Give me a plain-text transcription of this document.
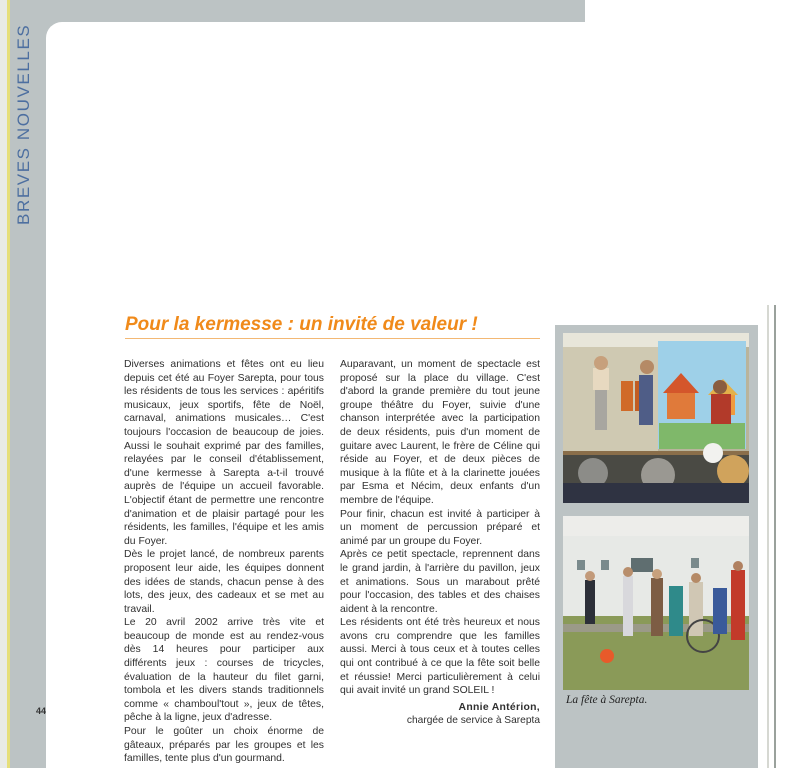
BREVES NOUVELLES
44
Pour la kermesse : un invité de valeur !

Diverses animations et fêtes ont eu lieu depuis cet été au Foyer Sarepta, pour tous les résidents de tous les services : apéritifs musicaux, jeux sportifs, fête de Noël, carnaval, animations musicales… C'est toujours l'occasion de beaucoup de joies. Aussi le souhait exprimé par des familles, relayées par le conseil d'établissement, d'une kermesse à Sarepta a-t-il trouvé auprès de l'équipe un accueil favorable. L'objectif étant de permettre une rencontre d'animation et de plaisir partagé pour les résidents, les familles, l'équipe et les amis du Foyer.

Dès le projet lancé, de nombreux parents proposent leur aide, les équipes donnent des idées de stands, chacun pense à des lots, des jeux, des cadeaux et se met au travail.

Le 20 avril 2002 arrive très vite et beaucoup de monde est au rendez-vous dès 14 heures pour participer aux différents jeux : courses de tricycles, évaluation de la hauteur du filet garni, tombola et les divers stands traditionnels comme « chamboul'tout », jeux de têtes, pêche à la ligne, jeux d'adresse.

Pour le goûter un choix énorme de gâteaux, préparés par les groupes et les familles, tente plus d'un gourmand.

Auparavant, un moment de spectacle est proposé sur la place du village. C'est d'abord la grande première du tout jeune groupe théâtre du Foyer, suivie d'une chanson interprétée avec la participation de deux résidents, puis d'un moment de guitare avec Laurent, le frère de Céline qui réside au Foyer, et de deux pièces de musique à la flûte et à la clarinette jouées par Esma et Nécim, deux enfants d'un membre de l'équipe.

Pour finir, chacun est invité à participer à un moment de percussion préparé et animé par un groupe du Foyer.

Après ce petit spectacle, reprennent dans le grand jardin, à l'arrière du pavillon, jeux et animations. Sous un marabout prêté pour l'occasion, des tables et des chaises aident à la rencontre.

Les résidents ont été très heureux et nous avons cru comprendre que les familles aussi. Merci à tous ceux et à toutes celles qui ont contribué à ce que la fête soit belle et réussie! Merci particulièrement à celui qui avait invité un grand SOLEIL !

Annie Antérion,
chargée de service à Sarepta
La fête à Sarepta.
